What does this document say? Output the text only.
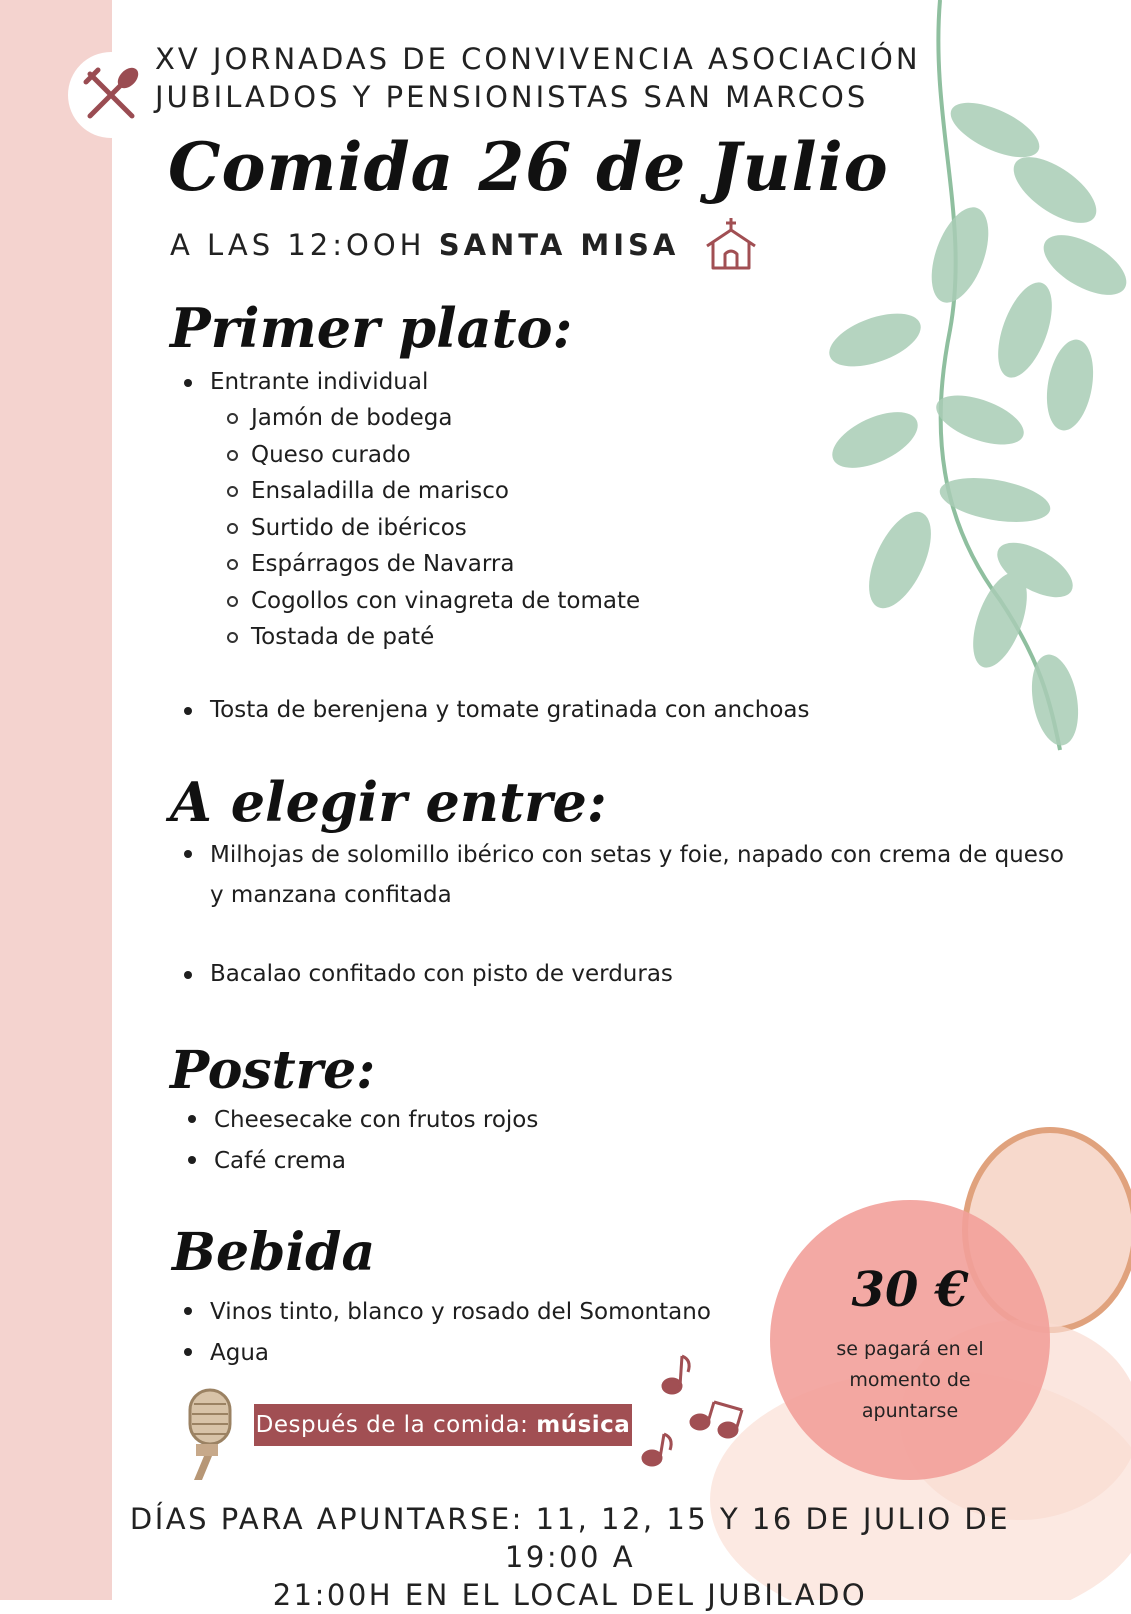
XV JORNADAS DE CONVIVENCIA ASOCIACIÓN
JUBILADOS Y PENSIONISTAS SAN MARCOS
Comida 26 de Julio
A LAS 12:OOH SANTA MISA
Primer plato:
Entrante individual
Jamón de bodega
Queso curado
Ensaladilla de marisco
Surtido de ibéricos
Espárragos de Navarra
Cogollos con vinagreta de tomate
Tostada de paté
Tosta de berenjena y tomate gratinada con anchoas
A elegir entre:
Milhojas de solomillo ibérico con setas y foie, napado con crema de queso
y manzana confitada
Bacalao confitado con pisto de verduras
Postre:
Cheesecake con frutos rojos
Café crema
Bebida
Vinos tinto, blanco y rosado del Somontano
Agua
30 €
se pagará en el
momento de
apuntarse
Después de la comida: música
DÍAS PARA APUNTARSE: 11, 12, 15 Y 16 DE JULIO DE 19:00 A
21:00H EN EL LOCAL DEL JUBILADO
